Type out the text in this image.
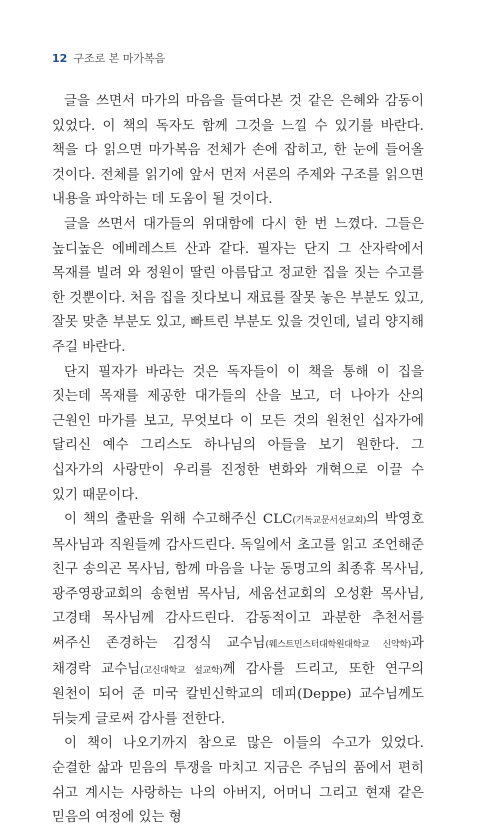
12 구조로 본 마가복음

글을 쓰면서 마가의 마음을 들여다본 것 같은 은혜와 감동이 있었다. 이 책의 독자도 함께 그것을 느낄 수 있기를 바란다. 책을 다 읽으면 마가복음 전체가 손에 잡히고, 한 눈에 들어올 것이다. 전체를 읽기에 앞서 먼저 서론의 주제와 구조를 읽으면 내용을 파악하는 데 도움이 될 것이다.

글을 쓰면서 대가들의 위대함에 다시 한 번 느꼈다. 그들은 높디높은 에베레스트 산과 같다. 필자는 단지 그 산자락에서 목재를 빌려 와 정원이 딸린 아름답고 정교한 집을 짓는 수고를 한 것뿐이다. 처음 집을 짓다보니 재료를 잘못 놓은 부분도 있고, 잘못 맞춘 부분도 있고, 빠트린 부분도 있을 것인데, 널리 양지해 주길 바란다.

단지 필자가 바라는 것은 독자들이 이 책을 통해 이 집을 짓는데 목재를 제공한 대가들의 산을 보고, 더 나아가 산의 근원인 마가를 보고, 무엇보다 이 모든 것의 원천인 십자가에 달리신 예수 그리스도 하나님의 아들을 보기 원한다. 그 십자가의 사랑만이 우리를 진정한 변화와 개혁으로 이끌 수 있기 때문이다.

이 책의 출판을 위해 수고해주신 CLC(기독교문서선교회)의 박영호 목사님과 직원들께 감사드린다. 독일에서 초고를 읽고 조언해준 친구 송의곤 목사님, 함께 마음을 나눈 동명고의 최종휴 목사님, 광주영광교회의 송현범 목사님, 세움선교회의 오성환 목사님, 고경태 목사님께 감사드린다. 감동적이고 과분한 추천서를 써주신 존경하는 김정식 교수님(웨스트민스터대학원대학교 신약학)과 채경락 교수님(고신대학교 설교학)께 감사를 드리고, 또한 연구의 원천이 되어 준 미국 칼빈신학교의 데피(Deppe) 교수님께도 뒤늦게 글로써 감사를 전한다.

이 책이 나오기까지 참으로 많은 이들의 수고가 있었다. 순결한 삶과 믿음의 투쟁을 마치고 지금은 주님의 품에서 편히 쉬고 계시는 사랑하는 나의 아버지, 어머니 그리고 현재 같은 믿음의 여정에 있는 형
